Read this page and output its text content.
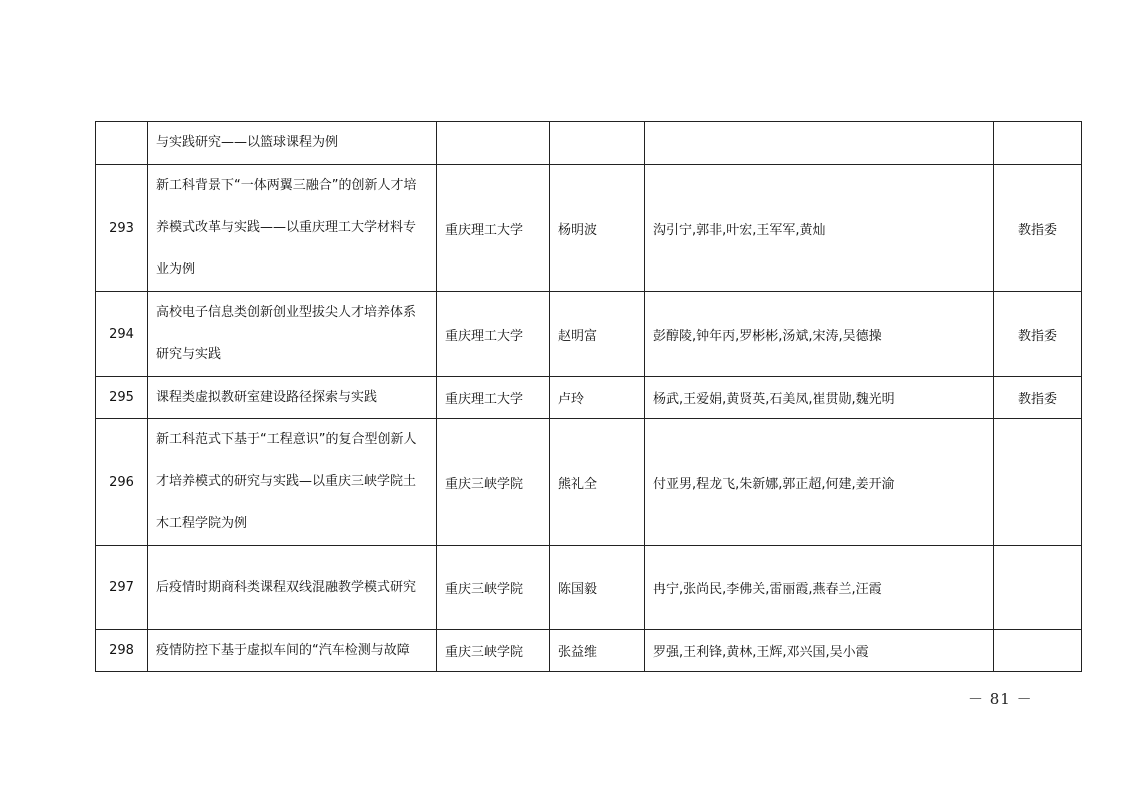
	与实践研究——以篮球课程为例				
293	新工科背景下“一体两翼三融合”的创新人才培养模式改革与实践——以重庆理工大学材料专业为例	重庆理工大学	杨明波	沟引宁,郭非,叶宏,王军军,黄灿	教指委
294	高校电子信息类创新创业型拔尖人才培养体系研究与实践	重庆理工大学	赵明富	彭醇陵,钟年丙,罗彬彬,汤斌,宋涛,吴德操	教指委
295	课程类虚拟教研室建设路径探索与实践	重庆理工大学	卢玲	杨武,王爱娟,黄贤英,石美凤,崔贯勋,魏光明	教指委
296	新工科范式下基于“工程意识”的复合型创新人才培养模式的研究与实践—以重庆三峡学院土木工程学院为例	重庆三峡学院	熊礼全	付亚男,程龙飞,朱新娜,郭正超,何建,姜开渝	
297	后疫情时期商科类课程双线混融教学模式研究	重庆三峡学院	陈国毅	冉宁,张尚民,李佛关,雷丽霞,燕春兰,汪霞	
298	疫情防控下基于虚拟车间的“汽车检测与故障	重庆三峡学院	张益维	罗强,王利锋,黄林,王辉,邓兴国,吴小霞	
－ 81 －
